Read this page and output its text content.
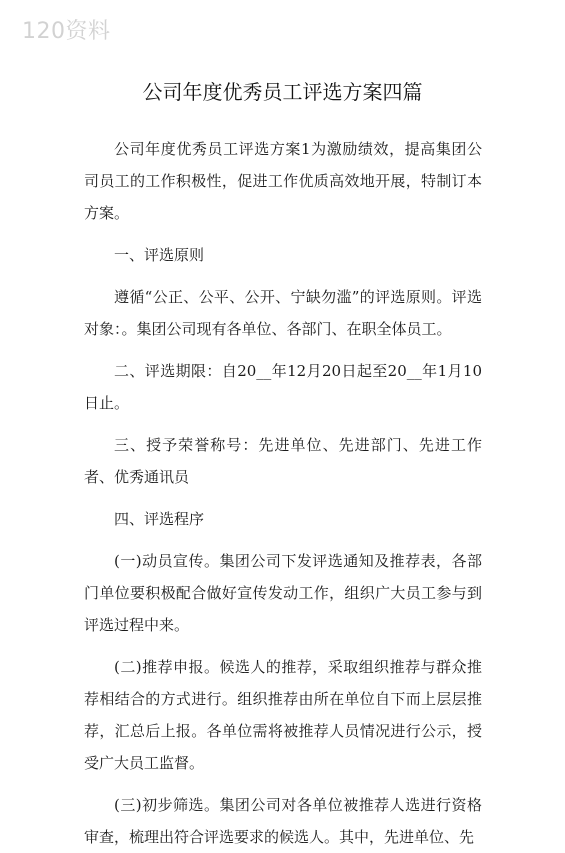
120资料
公司年度优秀员工评选方案四篇

公司年度优秀员工评选方案1为激励绩效，提高集团公司员工的工作积极性，促进工作优质高效地开展，特制订本方案。

一、评选原则

遵循“公正、公平、公开、宁缺勿滥”的评选原则。评选对象：。集团公司现有各单位、各部门、在职全体员工。

二、评选期限：自20__年12月20日起至20__年1月10日止。

三、授予荣誉称号：先进单位、先进部门、先进工作者、优秀通讯员

四、评选程序

(一)动员宣传。集团公司下发评选通知及推荐表，各部门单位要积极配合做好宣传发动工作，组织广大员工参与到评选过程中来。

(二)推荐申报。候选人的推荐，采取组织推荐与群众推荐相结合的方式进行。组织推荐由所在单位自下而上层层推荐，汇总后上报。各单位需将被推荐人员情况进行公示，授受广大员工监督。

(三)初步筛选。集团公司对各单位被推荐人选进行资格审查，梳理出符合评选要求的候选人。其中，先进单位、先
